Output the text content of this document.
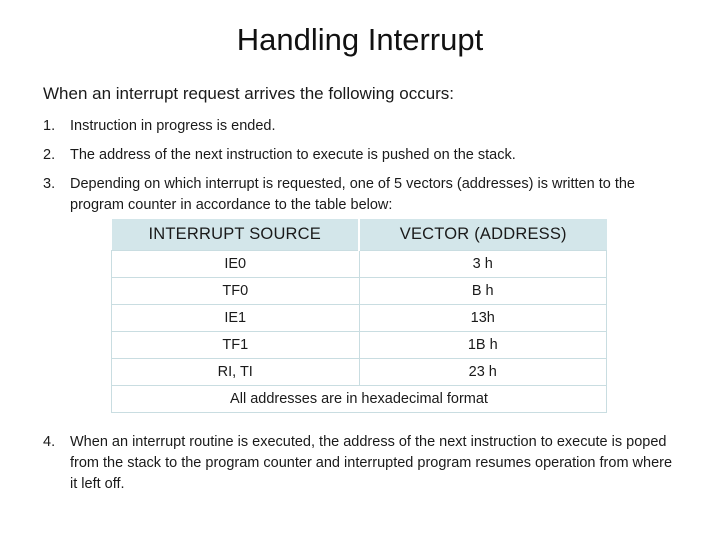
Handling Interrupt
When an interrupt request arrives the following occurs:
1.	Instruction in progress is ended.
2.	The address of the next instruction to execute is pushed on the stack.
3.	Depending on which interrupt is requested, one of 5 vectors (addresses) is written to the program counter in accordance to the table below:
INTERRUPT SOURCE	VECTOR (ADDRESS)
IE0	3 h
TF0	B h
IE1	13h
TF1	1B h
RI, TI	23 h
All addresses are in hexadecimal format	
4.	When an interrupt routine is executed, the address of the next instruction to execute is poped from the stack to the program counter and interrupted program resumes operation from where it left off.
